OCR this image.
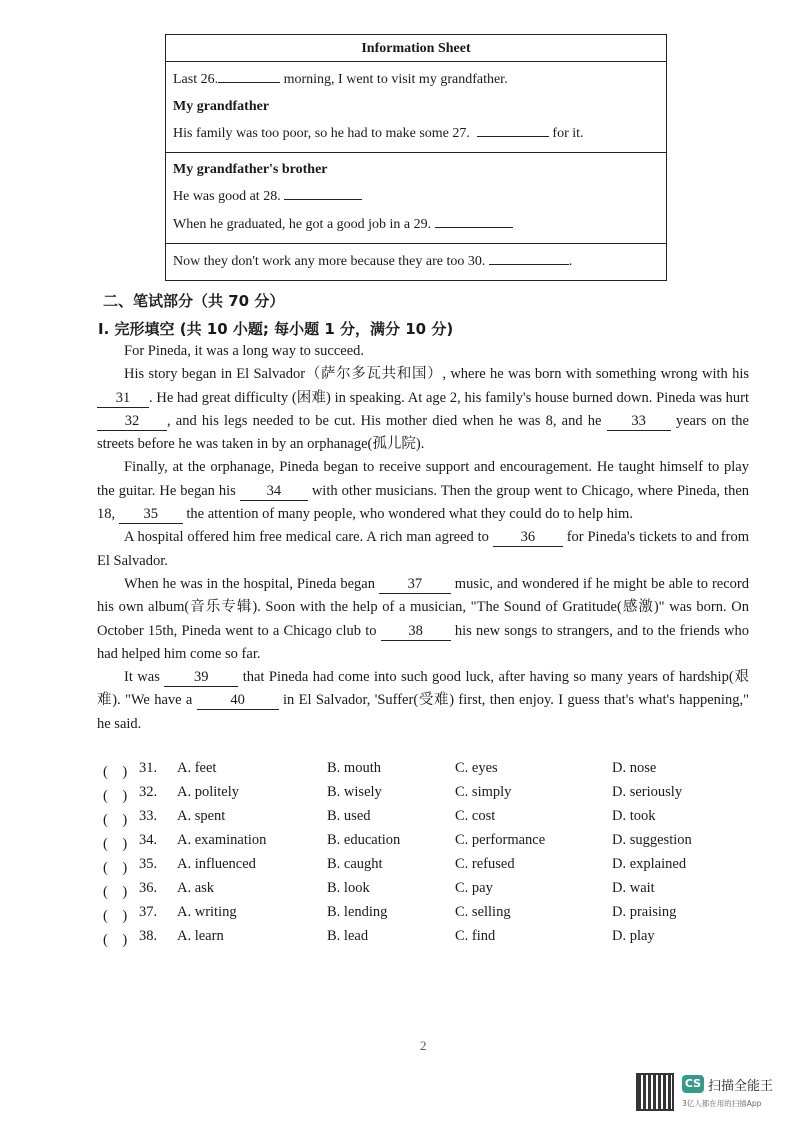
Information Sheet
Last 26.	morning, I went to visit my grandfather.
My grandfather
His family was too poor, so he had to make some 27.	for it.
My grandfather's brother
He was good at 28.
When he graduated, he got a good job in a 29.
Now they don't work any more because they are too 30.	.
二、笔试部分（共 70 分）
I. 完形填空 (共 10 小题; 每小题 1 分，满分 10 分)

For Pineda, it was a long way to succeed.

His story began in El Salvador（萨尔多瓦共和国）, where he was born with something wrong with his 31 . He had great difficulty (困难) in speaking. At age 2, his family's house burned down. Pineda was hurt 32 , and his legs needed to be cut. His mother died when he was 8, and he 33 years on the streets before he was taken in by an orphanage(孤儿院).

Finally, at the orphanage, Pineda began to receive support and encouragement. He taught himself to play the guitar. He began his 34 with other musicians. Then the group went to Chicago, where Pineda, then 18, 35 the attention of many people, who wondered what they could do to help him.

A hospital offered him free medical care. A rich man agreed to 36 for Pineda's tickets to and from El Salvador.

When he was in the hospital, Pineda began 37 music, and wondered if he might be able to record his own album(音乐专辑). Soon with the help of a musician, "The Sound of Gratitude(感激)" was born. On October 15th, Pineda went to a Chicago club to 38 his new songs to strangers, and to the friends who had helped him come so far.

It was 39 that Pineda had come into such good luck, after having so many years of hardship(艰难). "We have a 40 in El Salvador, 'Suffer(受难) first, then enjoy. I guess that's what's happening," he said.

(　) 31. A. feet	B. mouth	C. eyes	D. nose
(　) 32. A. politely	B. wisely	C. simply	D. seriously
(　) 33. A. spent	B. used	C. cost	D. took
(　) 34. A. examination	B. education	C. performance	D. suggestion
(　) 35. A. influenced	B. caught	C. refused	D. explained
(　) 36. A. ask	B. look	C. pay	D. wait
(　) 37. A. writing	B. lending	C. selling	D. praising
(　) 38. A. learn	B. lead	C. find	D. play
2
CS 扫描全能王
3亿人都在用的扫描App
